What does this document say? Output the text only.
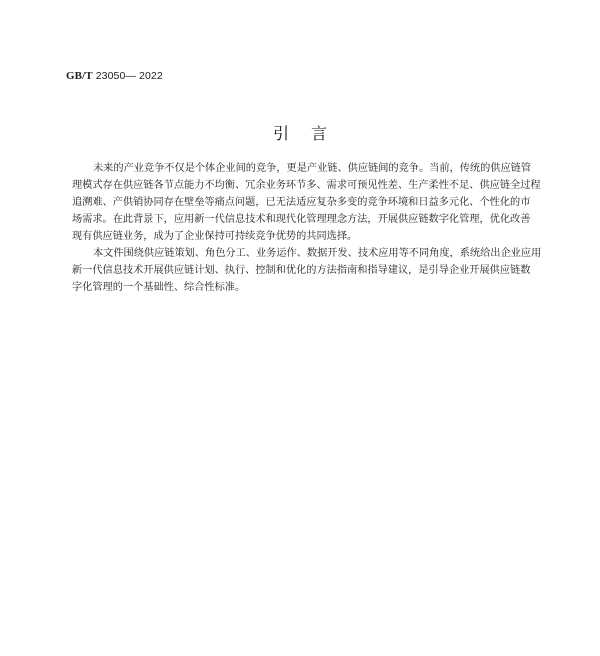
GB/T 23050— 2022
引言
未来的产业竞争不仅是个体企业间的竞争，更是产业链、供应链间的竞争。当前，传统的供应链管
理模式存在供应链各节点能力不均衡、冗余业务环节多、需求可预见性差、生产柔性不足、供应链全过程
追溯难、产供销协同存在壁垒等痛点问题，已无法适应复杂多变的竞争环境和日益多元化、个性化的市
场需求。在此背景下，应用新一代信息技术和现代化管理理念方法，开展供应链数字化管理，优化改善
现有供应链业务，成为了企业保持可持续竞争优势的共同选择。
本文件围绕供应链策划、角色分工、业务运作、数据开发、技术应用等不同角度，系统给出企业应用
新一代信息技术开展供应链计划、执行、控制和优化的方法指南和指导建议，是引导企业开展供应链数
字化管理的一个基础性、综合性标准。
